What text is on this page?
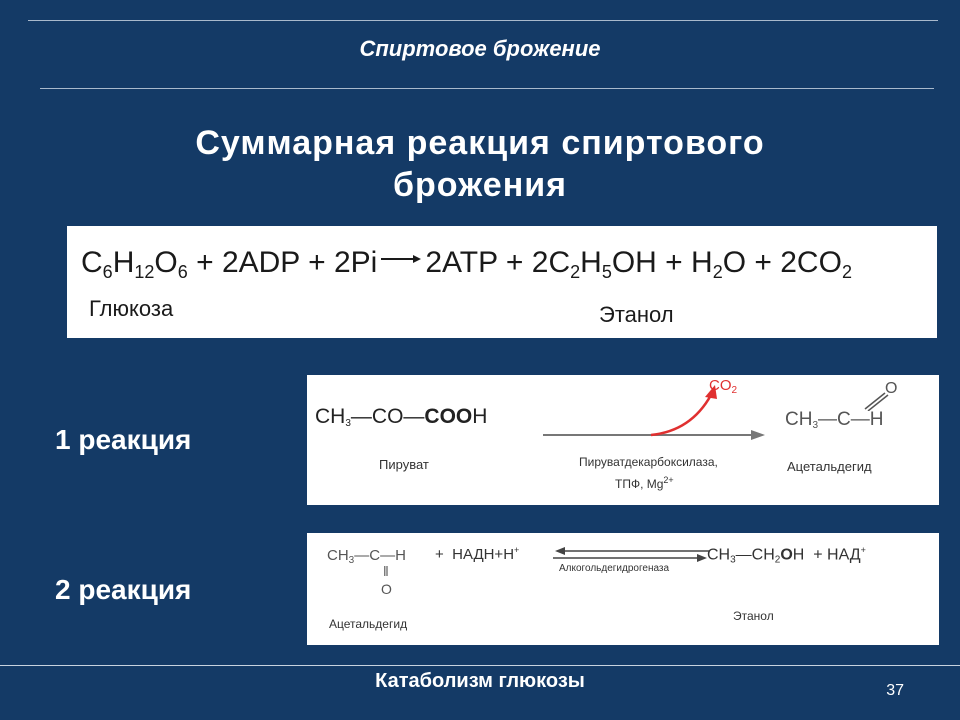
Спиртовое брожение
Суммарная реакция спиртового
брожения
$C_6H_{12}O_6 + 2ADP + 2Pi \to 2ATP + 2C_2H_5OH + H_2O + 2CO_2$
Глюкоза	Этанол
1 реакция
$CH_3—CO—COOH$
Пируват
$CO_2$
Пируватдекарбоксилаза,
ТПФ, $Mg^{2+}$
$CH_3—C—H$
O
Ацетальдегид
2 реакция
$CH_3—C—H$
‖
O
Ацетальдегид
+  НАДН+Н+
Алкогольдегидрогеназа
$CH_3—CH_2OH + НАД^+$
Этанол
Катаболизм глюкозы	37
